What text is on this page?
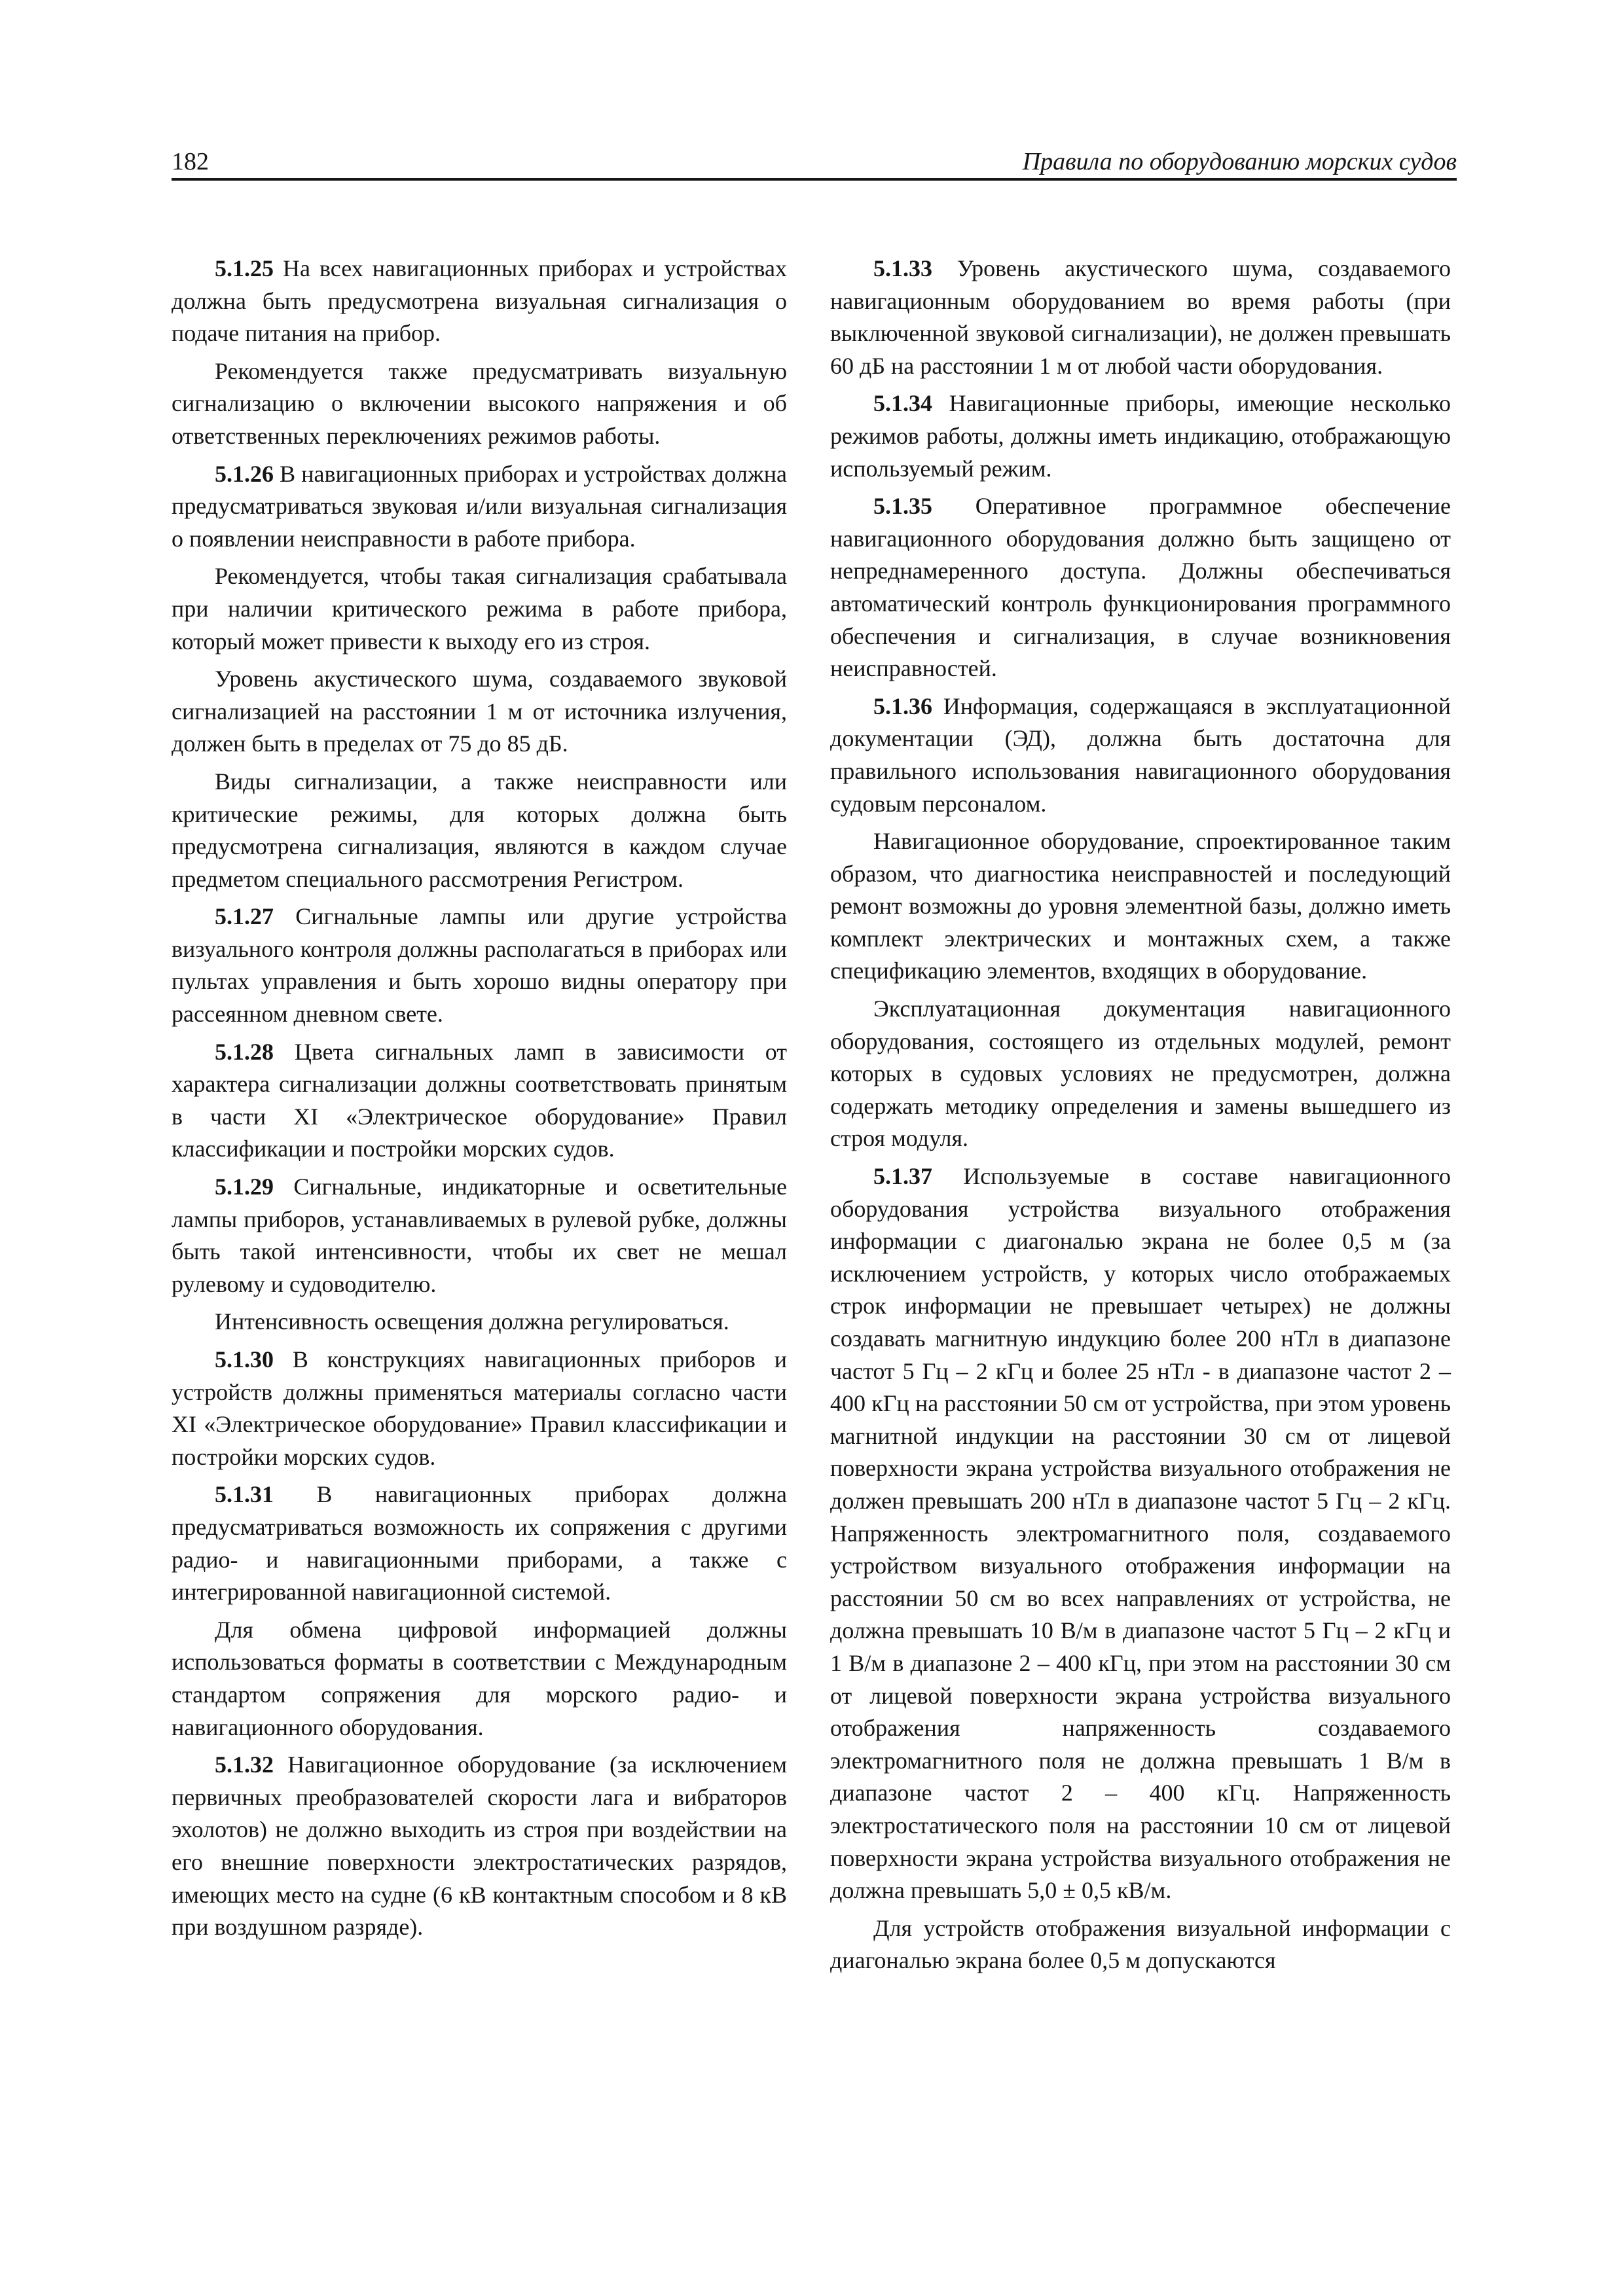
182	Правила по оборудованию морских судов

5.1.25 На всех навигационных приборах и устройствах должна быть предусмотрена визуальная сигнализация о подаче питания на прибор.

Рекомендуется также предусматривать визуальную сигнализацию о включении высокого напряжения и об ответственных переключениях режимов работы.

5.1.26 В навигационных приборах и устройствах должна предусматриваться звуковая и/или визуальная сигнализация о появлении неисправности в работе прибора.

Рекомендуется, чтобы такая сигнализация срабатывала при наличии критического режима в работе прибора, который может привести к выходу его из строя.

Уровень акустического шума, создаваемого звуковой сигнализацией на расстоянии 1 м от источника излучения, должен быть в пределах от 75 до 85 дБ.

Виды сигнализации, а также неисправности или критические режимы, для которых должна быть предусмотрена сигнализация, являются в каждом случае предметом специального рассмотрения Регистром.

5.1.27 Сигнальные лампы или другие устройства визуального контроля должны располагаться в приборах или пультах управления и быть хорошо видны оператору при рассеянном дневном свете.

5.1.28 Цвета сигнальных ламп в зависимости от характера сигнализации должны соответствовать принятым в части XI «Электрическое оборудование» Правил классификации и постройки морских судов.

5.1.29 Сигнальные, индикаторные и осветительные лампы приборов, устанавливаемых в рулевой рубке, должны быть такой интенсивности, чтобы их свет не мешал рулевому и судоводителю.

Интенсивность освещения должна регулироваться.

5.1.30 В конструкциях навигационных приборов и устройств должны применяться материалы согласно части XI «Электрическое оборудование» Правил классификации и постройки морских судов.

5.1.31 В навигационных приборах должна предусматриваться возможность их сопряжения с другими радио- и навигационными приборами, а также с интегрированной навигационной системой.

Для обмена цифровой информацией должны использоваться форматы в соответствии с Международным стандартом сопряжения для морского радио- и навигационного оборудования.

5.1.32 Навигационное оборудование (за исключением первичных преобразователей скорости лага и вибраторов эхолотов) не должно выходить из строя при воздействии на его внешние поверхности электростатических разрядов, имеющих место на судне (6 кВ контактным способом и 8 кВ при воздушном разряде).

5.1.33 Уровень акустического шума, создаваемого навигационным оборудованием во время работы (при выключенной звуковой сигнализации), не должен превышать 60 дБ на расстоянии 1 м от любой части оборудования.

5.1.34 Навигационные приборы, имеющие несколько режимов работы, должны иметь индикацию, отображающую используемый режим.

5.1.35 Оперативное программное обеспечение навигационного оборудования должно быть защищено от непреднамеренного доступа. Должны обеспечиваться автоматический контроль функционирования программного обеспечения и сигнализация, в случае возникновения неисправностей.

5.1.36 Информация, содержащаяся в эксплуатационной документации (ЭД), должна быть достаточна для правильного использования навигационного оборудования судовым персоналом.

Навигационное оборудование, спроектированное таким образом, что диагностика неисправностей и последующий ремонт возможны до уровня элементной базы, должно иметь комплект электрических и монтажных схем, а также спецификацию элементов, входящих в оборудование.

Эксплуатационная документация навигационного оборудования, состоящего из отдельных модулей, ремонт которых в судовых условиях не предусмотрен, должна содержать методику определения и замены вышедшего из строя модуля.

5.1.37 Используемые в составе навигационного оборудования устройства визуального отображения информации с диагональю экрана не более 0,5 м (за исключением устройств, у которых число отображаемых строк информации не превышает четырех) не должны создавать магнитную индукцию более 200 нТл в диапазоне частот 5 Гц – 2 кГц и более 25 нТл - в диапазоне частот 2 – 400 кГц на расстоянии 50 см от устройства, при этом уровень магнитной индукции на расстоянии 30 см от лицевой поверхности экрана устройства визуального отображения не должен превышать 200 нТл в диапазоне частот 5 Гц – 2 кГц. Напряженность электромагнитного поля, создаваемого устройством визуального отображения информации на расстоянии 50 см во всех направлениях от устройства, не должна превышать 10 В/м в диапазоне частот 5 Гц – 2 кГц и 1 В/м в диапазоне 2 – 400 кГц, при этом на расстоянии 30 см от лицевой поверхности экрана устройства визуального отображения напряженность создаваемого электромагнитного поля не должна превышать 1 В/м в диапазоне частот 2 – 400 кГц. Напряженность электростатического поля на расстоянии 10 см от лицевой поверхности экрана устройства визуального отображения не должна превышать 5,0 ± 0,5 кВ/м.

Для устройств отображения визуальной информации с диагональю экрана более 0,5 м допускаются
